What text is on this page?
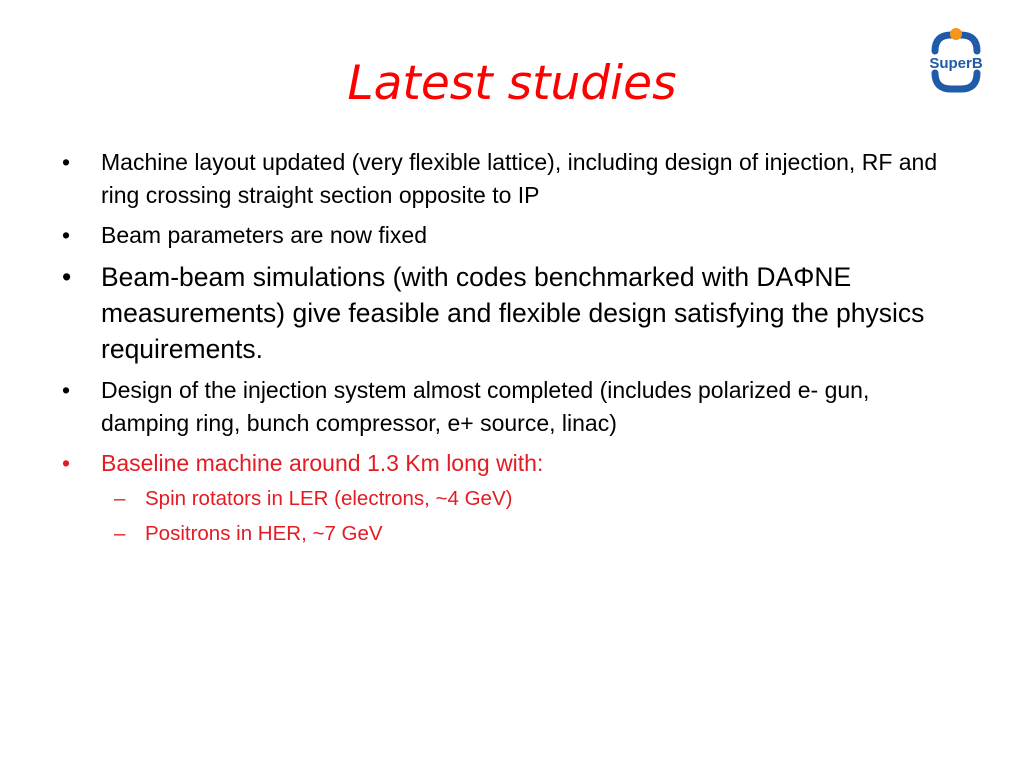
Latest studies	SuperB
• Machine layout updated (very flexible lattice), including design of injection, RF and ring crossing straight section opposite to IP
• Beam parameters are now fixed
• Beam-beam simulations (with codes benchmarked with DAΦNE measurements) give feasible and flexible design satisfying the physics requirements.
• Design of the injection system almost completed (includes polarized e- gun, damping ring, bunch compressor, e+ source, linac)
• Baseline machine around 1.3 Km long with:
– Spin rotators in LER (electrons, ~4 GeV)
– Positrons in HER, ~7 GeV
